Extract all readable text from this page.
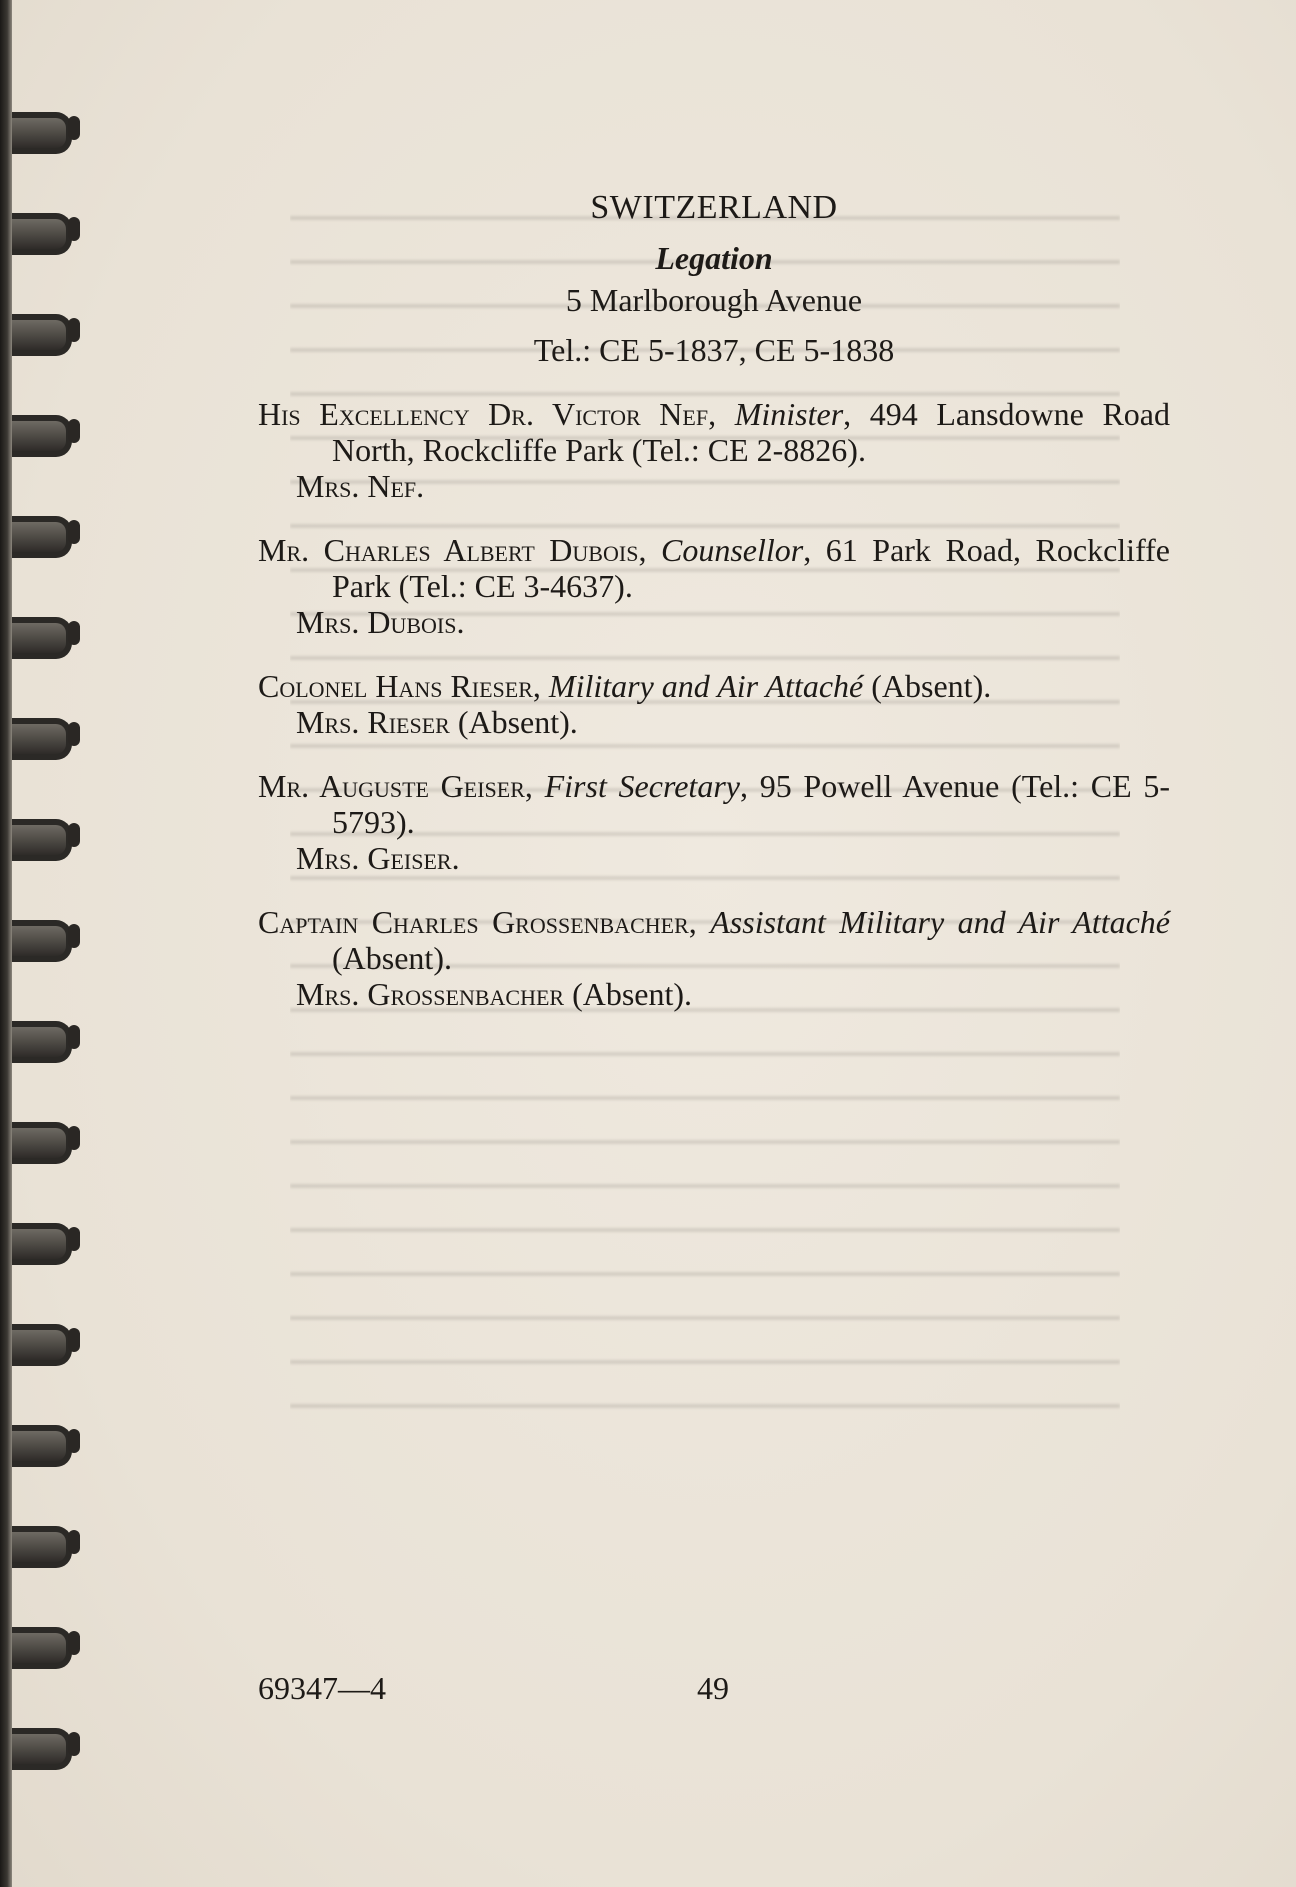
SWITZERLAND
Legation
5 Marlborough Avenue
Tel.: CE 5-1837, CE 5-1838

His Excellency Dr. Victor Nef, Minister, 494 Lansdowne Road North, Rockcliffe Park (Tel.: CE 2-8826).

Mrs. Nef.

Mr. Charles Albert Dubois, Counsellor, 61 Park Road, Rockcliffe Park (Tel.: CE 3-4637).

Mrs. Dubois.

Colonel Hans Rieser, Military and Air Attaché (Absent).

Mrs. Rieser (Absent).

Mr. Auguste Geiser, First Secretary, 95 Powell Avenue (Tel.: CE 5-5793).

Mrs. Geiser.

Captain Charles Grossenbacher, Assistant Military and Air Attaché (Absent).

Mrs. Grossenbacher (Absent).

69347—4	49
